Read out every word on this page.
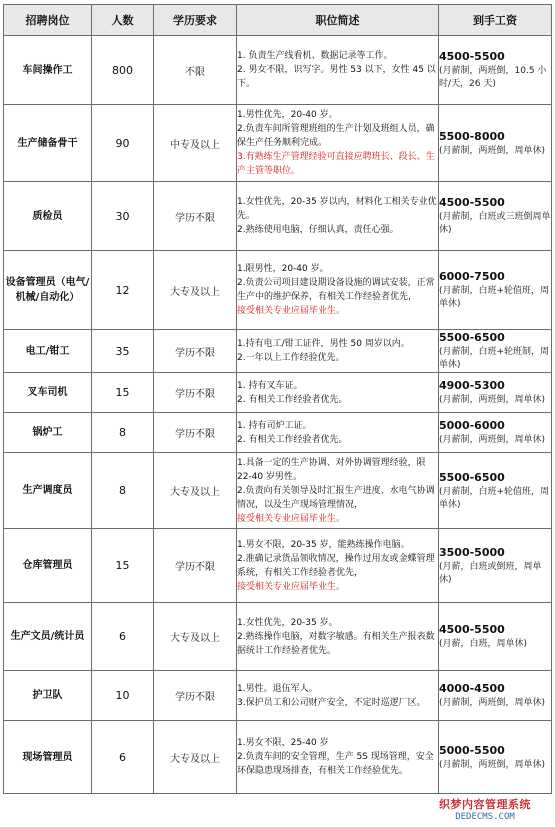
招聘岗位	人数	学历要求	职位简述	到手工资
车间操作工	800	不限	1. 负责生产线看机、数据记录等工作。
2. 男女不限，识写字。男性 53 以下，女性 45 以下。	4500-5500
(月薪制，两班倒，10.5 小时/天，26 天)

生产储备骨干	90	中专及以上	1.男性优先，20-40 岁。
2.负责车间所管理班组的生产计划及班组人员，确保生产任务顺利完成。
3.有熟练生产管理经验可直接应聘班长、段长、生产主管等职位。	5500-8000
(月薪制，两班倒，周单休)

质检员	30	学历不限	1.女性优先，20-35 岁以内，材料化工相关专业优先。
2.熟练使用电脑，仔细认真，责任心强。	4500-5500
(月薪制，白班或三班倒周单休)

设备管理员（电气/机械/自动化）	12	大专及以上	1.限男性，20-40 岁。
2.负责公司项目建设期设备设施的调试安装，正常生产中的维护保养，有相关工作经验者优先，
接受相关专业应届毕业生。	6000-7500
(月薪制，白班+轮值班，周单休)

电工/钳工	35	学历不限	1.持有电工/钳工证件，男性 50 周岁以内。
2.一年以上工作经验优先。	5500-6500
(月薪制，白班+轮班制，周单休)

叉车司机	15	学历不限	1. 持有叉车证。
2. 有相关工作经验者优先。	4900-5300
(月薪制，两班倒，周单休)

锅炉工	8	学历不限	1. 持有司炉工证。
2. 有相关工作经验者优先。	5000-6000
(月薪制，两班倒，周单休)

生产调度员	8	大专及以上	1.具备一定的生产协调、对外协调管理经验，限 22-40 岁男性。
2.负责向有关领导及时汇报生产进度、水电气协调情况，以及生产现场管理情况，
接受相关专业应届毕业生。	5500-6500
(月薪制，白班+轮值班，周单休)

仓库管理员	15	学历不限	1.男女不限，20-35 岁，能熟练操作电脑。
2.准确记录货品领收情况，操作过用友或金蝶管理系统，有相关工作经验者优先，
接受相关专业应届毕业生。	3500-5000
(月薪，白班或倒班，周单休)

生产文员/统计员	6	大专及以上	1.女性优先，20-35 岁。
2.熟练操作电脑，对数字敏感。有相关生产报表数据统计工作经验者优先。	4500-5500
(月薪，白班，周单休)

护卫队	10	学历不限	1.男性。退伍军人。
3.保护员工和公司财产安全，不定时巡逻厂区。	4000-4500
(月薪制，两班倒，周单休)

现场管理员	6	大专及以上	1.男女不限，25-40 岁
2.负责车间的安全管理，生产 5S 现场管理，安全环保隐患现场排查，有相关工作经验优先。	5000-5500
(月薪制，两班倒，周单休)
织梦内容管理系统
DEDECMS.COM
